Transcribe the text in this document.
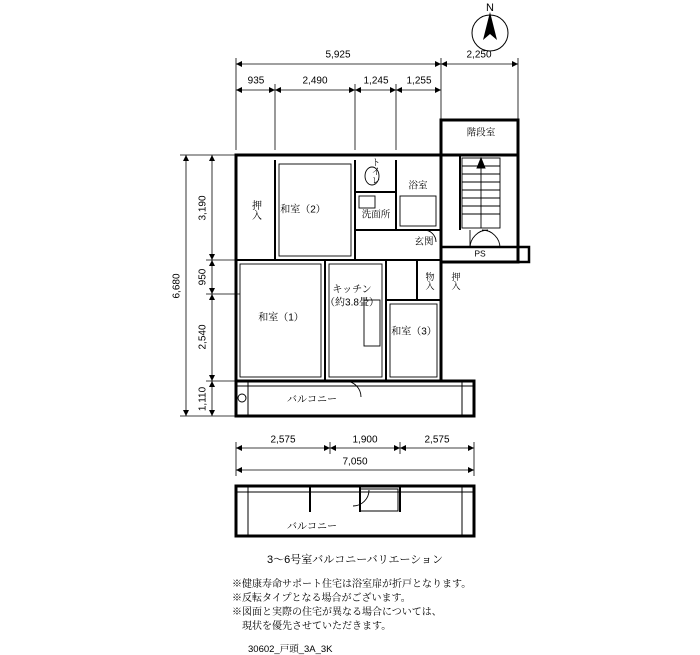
5,925	2,250
935	2,490	1,245 1,255
6,680
3,190
950
2,540
1,110
2,575	1,900	2,575
7,050
押入 和室（2）
トイレ
浴室
洗面所
階段室
玄関
PS
物入 押入
和室（1）
キッチン
（約3.8畳）
和室（3）
バルコニー
バルコニー
N
3～6号室バルコニーバリエーション
※健康寿命サポート住宅は浴室扉が折戸となります。
※反転タイプとなる場合がございます。
※図面と実際の住宅が異なる場合については、
　現状を優先させていただきます。
30602_戸頭_3A_3K
